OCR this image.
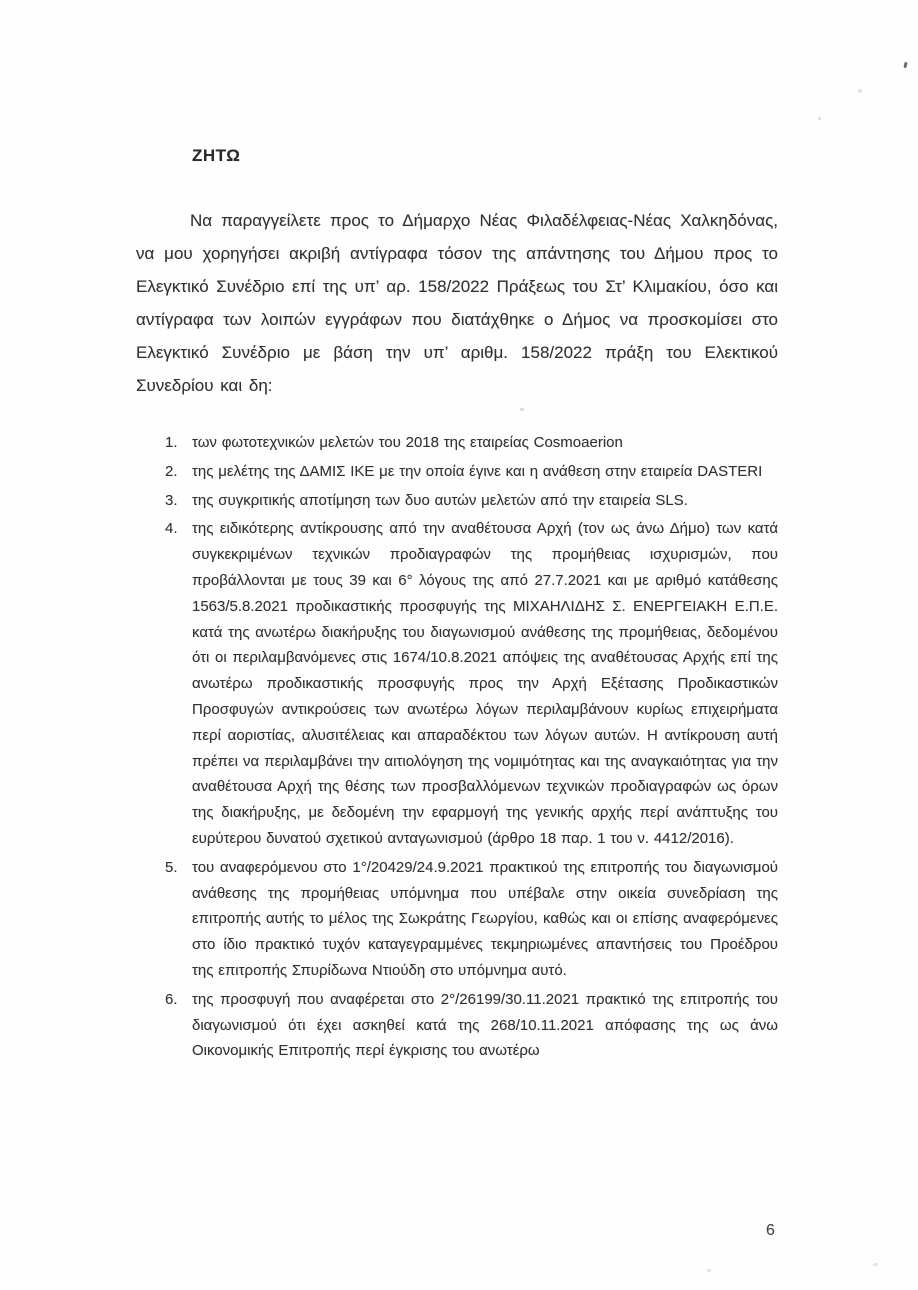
ΖΗΤΩ

Να παραγγείλετε προς το Δήμαρχο Νέας Φιλαδέλφειας-Νέας Χαλκηδόνας, να μου χορηγήσει ακριβή αντίγραφα τόσον της απάντησης του Δήμου προς το Ελεγκτικό Συνέδριο επί της υπ’ αρ. 158/2022 Πράξεως του Στ’ Κλιμακίου, όσο και αντίγραφα των λοιπών εγγράφων που διατάχθηκε ο Δήμος να προσκομίσει στο Ελεγκτικό Συνέδριο με βάση την υπ’ αριθμ. 158/2022 πράξη του Ελεκτικού Συνεδρίου και δη:

1. των φωτοτεχνικών μελετών του 2018 της εταιρείας Cosmoaerion
2. της μελέτης της ΔΑΜΙΣ ΙΚΕ με την οποία έγινε και η ανάθεση στην εταιρεία DASTERI
3. της συγκριτικής αποτίμηση των δυο αυτών μελετών από την εταιρεία SLS.
4. της ειδικότερης αντίκρουσης από την αναθέτουσα Αρχή (τον ως άνω Δήμο) των κατά συγκεκριμένων τεχνικών προδιαγραφών της προμήθειας ισχυρισμών, που προβάλλονται με τους 39 και 6° λόγους της από 27.7.2021 και με αριθμό κατάθεσης 1563/5.8.2021 προδικαστικής προσφυγής της ΜΙΧΑΗΛΙΔΗΣ Σ. ΕΝΕΡΓΕΙΑΚΗ Ε.Π.Ε. κατά της ανωτέρω διακήρυξης του διαγωνισμού ανάθεσης της προμήθειας, δεδομένου ότι οι περιλαμβανόμενες στις 1674/10.8.2021 απόψεις της αναθέτουσας Αρχής επί της ανωτέρω προδικαστικής προσφυγής προς την Αρχή Εξέτασης Προδικαστικών Προσφυγών αντικρούσεις των ανωτέρω λόγων περιλαμβάνουν κυρίως επιχειρήματα περί αοριστίας, αλυσιτέλειας και απαραδέκτου των λόγων αυτών. Η αντίκρουση αυτή πρέπει να περιλαμβάνει την αιτιολόγηση της νομιμότητας και της αναγκαιότητας για την αναθέτουσα Αρχή της θέσης των προσβαλλόμενων τεχνικών προδιαγραφών ως όρων της διακήρυξης, με δεδομένη την εφαρμογή της γενικής αρχής περί ανάπτυξης του ευρύτερου δυνατού σχετικού ανταγωνισμού (άρθρο 18 παρ. 1 του ν. 4412/2016).
5. του αναφερόμενου στο 1°/20429/24.9.2021 πρακτικού της επιτροπής του διαγωνισμού ανάθεσης της προμήθειας υπόμνημα που υπέβαλε στην οικεία συνεδρίαση της επιτροπής αυτής το μέλος της Σωκράτης Γεωργίου, καθώς και οι επίσης αναφερόμενες στο ίδιο πρακτικό τυχόν καταγεγραμμένες τεκμηριωμένες απαντήσεις του Προέδρου της επιτροπής Σπυρίδωνα Ντιούδη στο υπόμνημα αυτό.
6. της προσφυγή που αναφέρεται στο 2°/26199/30.11.2021 πρακτικό της επιτροπής του διαγωνισμού ότι έχει ασκηθεί κατά της 268/10.11.2021 απόφασης της ως άνω Οικονομικής Επιτροπής περί έγκρισης του ανωτέρω
6
